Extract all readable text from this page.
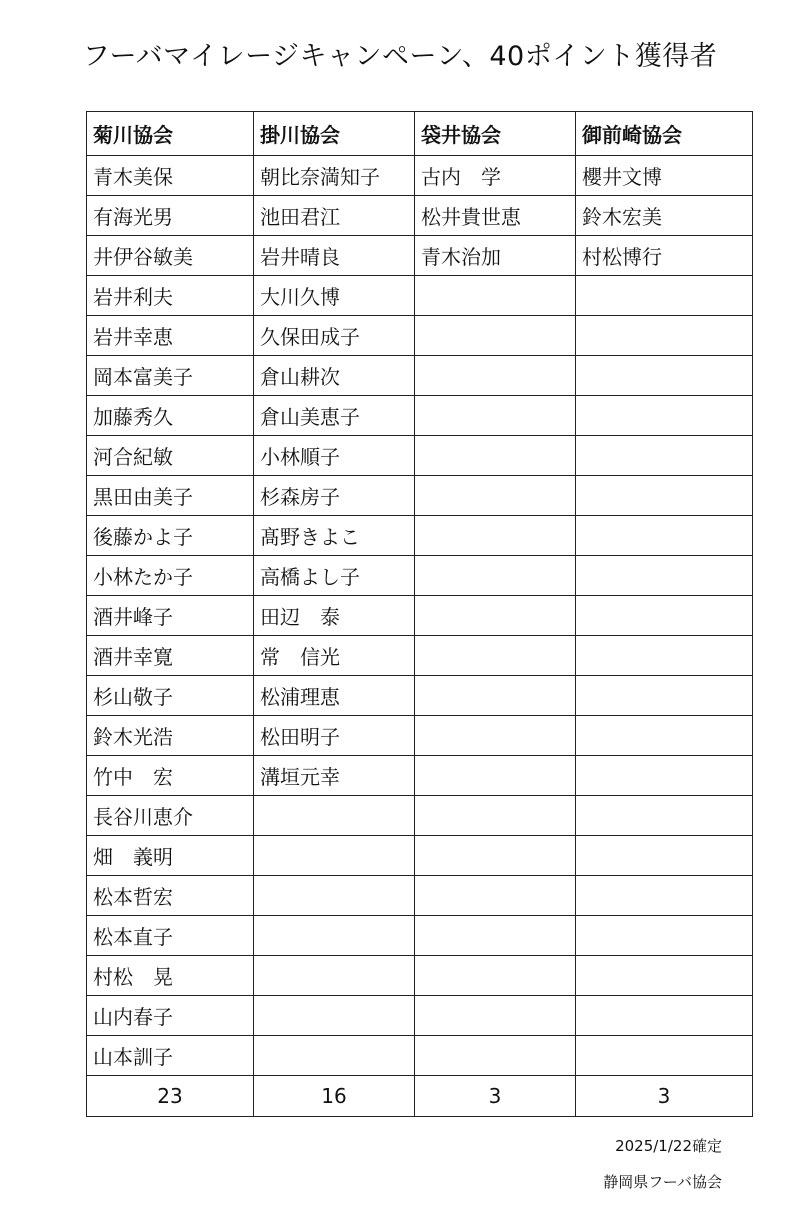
フーバマイレージキャンペーン、40ポイント獲得者
菊川協会	掛川協会	袋井協会	御前崎協会
青木美保	朝比奈満知子	古内　学	櫻井文博
有海光男	池田君江	松井貴世恵	鈴木宏美
井伊谷敏美	岩井晴良	青木治加	村松博行
岩井利夫	大川久博		
岩井幸恵	久保田成子		
岡本富美子	倉山耕次		
加藤秀久	倉山美恵子		
河合紀敏	小林順子		
黒田由美子	杉森房子		
後藤かよ子	髙野きよこ		
小林たか子	高橋よし子		
酒井峰子	田辺　泰		
酒井幸寛	常　信光		
杉山敬子	松浦理恵		
鈴木光浩	松田明子		
竹中　宏	溝垣元幸		
長谷川恵介			
畑　義明			
松本哲宏			
松本直子			
村松　晃			
山内春子			
山本訓子			
23	16	3	3
2025/1/22確定
静岡県フーバ協会
